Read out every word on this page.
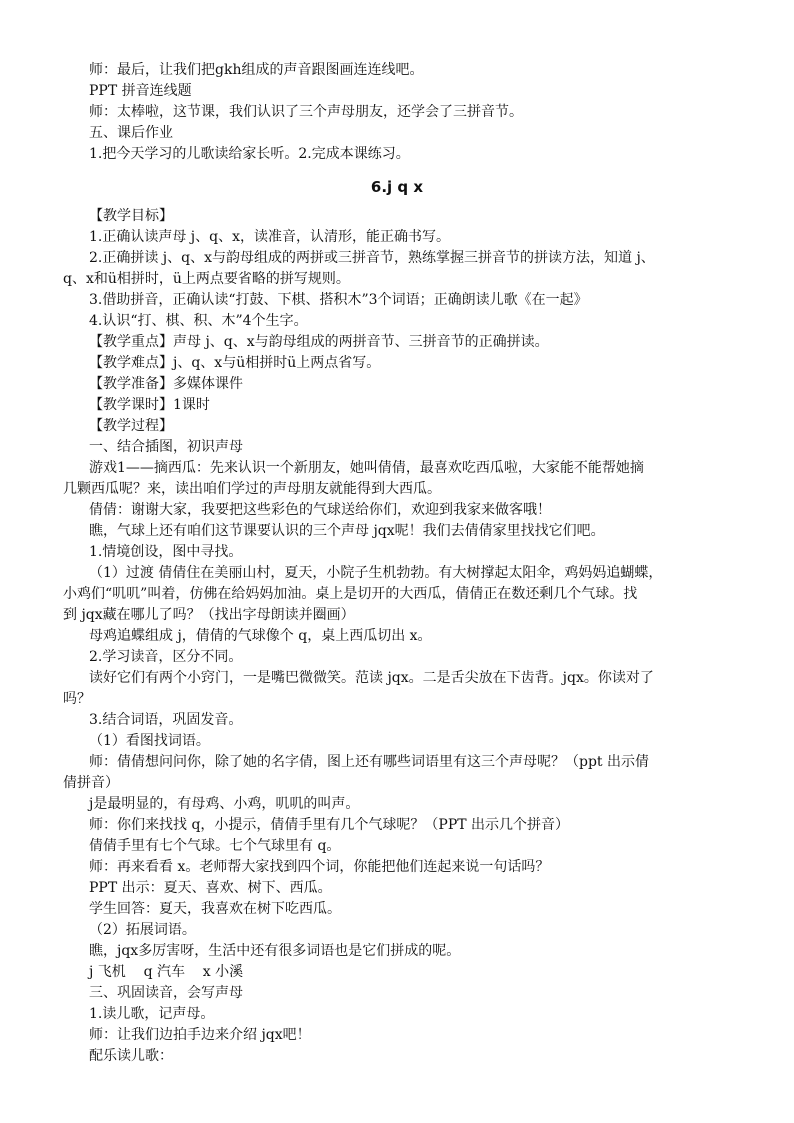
师：最后，让我们把gkh组成的声音跟图画连连线吧。
PPT 拼音连线题
师：太棒啦，这节课，我们认识了三个声母朋友，还学会了三拼音节。
五、课后作业
1.把今天学习的儿歌读给家长听。2.完成本课练习。
6.j q x
【教学目标】
1.正确认读声母 j、q、x，读准音，认清形，能正确书写。
2.正确拼读 j、q、x与韵母组成的两拼或三拼音节，熟练掌握三拼音节的拼读方法，知道 j、
q、x和ü相拼时，ü上两点要省略的拼写规则。
3.借助拼音，正确认读“打鼓、下棋、搭积木”3个词语；正确朗读儿歌《在一起》
4.认识“打、棋、积、木”4个生字。
【教学重点】声母 j、q、x与韵母组成的两拼音节、三拼音节的正确拼读。
【教学难点】j、q、x与ü相拼时ü上两点省写。
【教学准备】多媒体课件
【教学课时】1课时
【教学过程】
一、结合插图，初识声母
游戏1——摘西瓜：先来认识一个新朋友，她叫倩倩，最喜欢吃西瓜啦，大家能不能帮她摘
几颗西瓜呢？来，读出咱们学过的声母朋友就能得到大西瓜。
倩倩：谢谢大家，我要把这些彩色的气球送给你们，欢迎到我家来做客哦！
瞧，气球上还有咱们这节课要认识的三个声母 jqx呢！我们去倩倩家里找找它们吧。
1.情境创设，图中寻找。
（1）过渡 倩倩住在美丽山村，夏天，小院子生机勃勃。有大树撑起太阳伞，鸡妈妈追蝴蝶，
小鸡们“叽叽”叫着，仿佛在给妈妈加油。桌上是切开的大西瓜，倩倩正在数还剩几个气球。找
到 jqx藏在哪儿了吗？（找出字母朗读并圈画）
母鸡追蝶组成 j，倩倩的气球像个 q，桌上西瓜切出 x。
2.学习读音，区分不同。
读好它们有两个小窍门，一是嘴巴微微笑。范读 jqx。二是舌尖放在下齿背。jqx。你读对了
吗？
3.结合词语，巩固发音。
（1）看图找词语。
师：倩倩想问问你，除了她的名字倩，图上还有哪些词语里有这三个声母呢？（ppt 出示倩
倩拼音）
j是最明显的，有母鸡、小鸡，叽叽的叫声。
师：你们来找找 q，小提示，倩倩手里有几个气球呢？（PPT 出示几个拼音）
倩倩手里有七个气球。七个气球里有 q。
师：再来看看 x。老师帮大家找到四个词，你能把他们连起来说一句话吗？
PPT 出示：夏天、喜欢、树下、西瓜。
学生回答：夏天，我喜欢在树下吃西瓜。
（2）拓展词语。
瞧，jqx多厉害呀，生活中还有很多词语也是它们拼成的呢。
j 飞机    q 汽车    x 小溪
三、巩固读音，会写声母
1.读儿歌，记声母。
师：让我们边拍手边来介绍 jqx吧！
配乐读儿歌：
